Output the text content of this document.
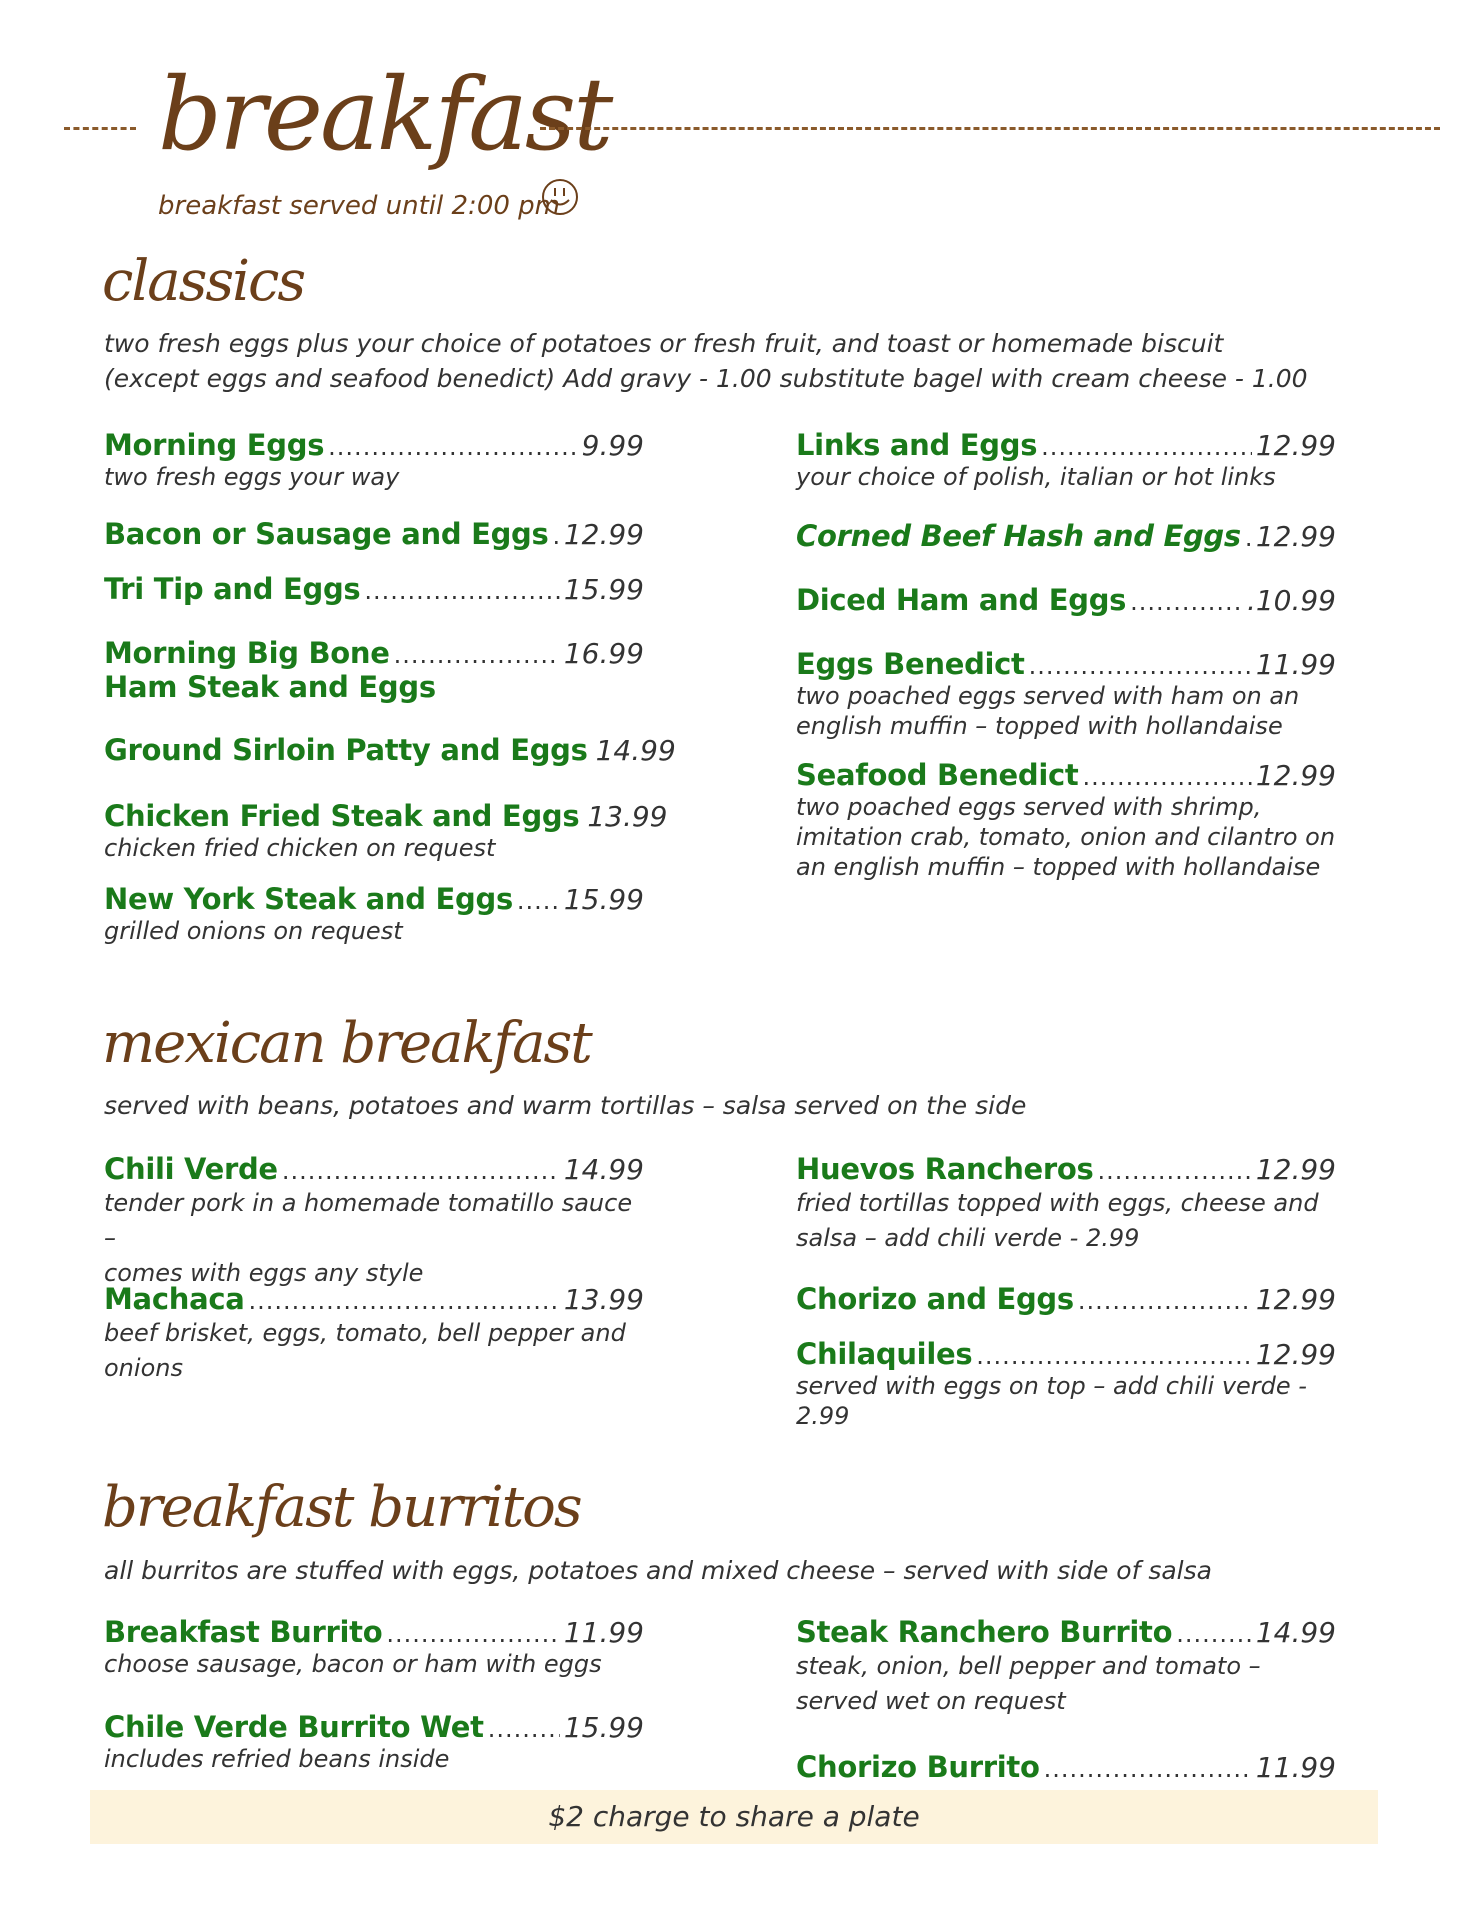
breakfast
breakfast served until 2:00 pm
classics
two fresh eggs plus your choice of potatoes or fresh fruit, and toast or homemade biscuit (except eggs and seafood benedict) Add gravy - 1.00 substitute bagel with cream cheese - 1.00
Morning Eggs .....	9.99
two fresh eggs your way
Bacon or Sausage and Eggs ..... 12.99
Tri Tip and Eggs .....	15.99
Morning Big Bone .....	16.99
Ham Steak and Eggs
Ground Sirloin Patty and Eggs 14.99
Chicken Fried Steak and Eggs 13.99
chicken fried chicken on request
New York Steak and Eggs ..... 15.99
grilled onions on request
Links and Eggs .....	12.99
your choice of polish, italian or hot links
Corned Beef Hash and Eggs ..... 12.99
Diced Ham and Eggs .....	.10.99
Eggs Benedict .....	11.99
two poached eggs served with ham on an
english muffin – topped with hollandaise
Seafood Benedict .....	12.99
two poached eggs served with shrimp,
imitation crab, tomato, onion and cilantro on
an english muffin – topped with hollandaise
mexican breakfast
served with beans, potatoes and warm tortillas – salsa served on the side
Chili Verde .....	14.99
tender pork in a homemade tomatillo sauce –
comes with eggs any style
Machaca .....	13.99
beef brisket, eggs, tomato, bell pepper and
onions
Huevos Rancheros .....	12.99
fried tortillas topped with eggs, cheese and
salsa – add chili verde - 2.99
Chorizo and Eggs .....	12.99
Chilaquiles .....	12.99
served with eggs on top – add chili verde - 2.99
breakfast burritos
all burritos are stuffed with eggs, potatoes and mixed cheese – served with side of salsa
Breakfast Burrito .....	11.99
choose sausage, bacon or ham with eggs
Chile Verde Burrito Wet .....	15.99
includes refried beans inside
Steak Ranchero Burrito .....	14.99
steak, onion, bell pepper and tomato –
served wet on request
Chorizo Burrito .....	11.99
$2 charge to share a plate
